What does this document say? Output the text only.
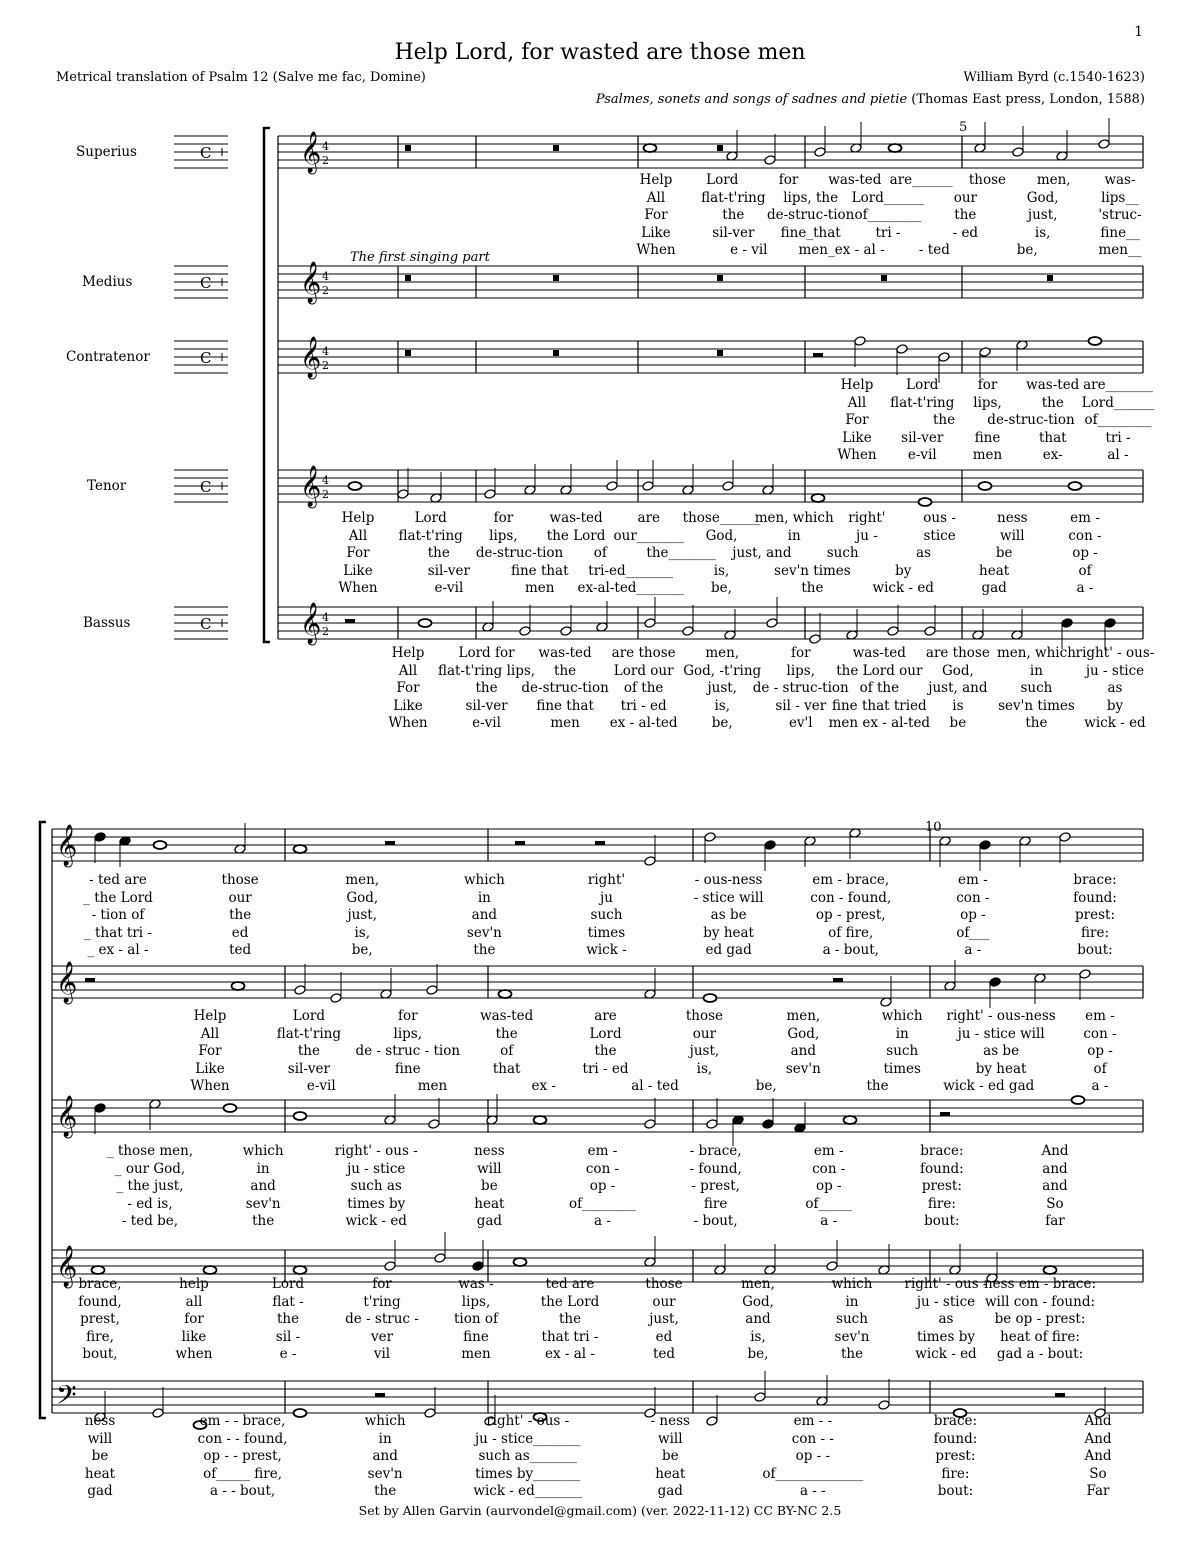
1
Help Lord, for wasted are those men
Metrical translation of Psalm 12 (Salve me fac, Domine)	William Byrd (c.1540-1623)
Psalmes, sonets and songs of sadnes and pietie (Thomas East press, London, 1588)
Superius
Medius
Contratenor
Tenor
Bassus
The first singing part
5
10
C 𝄞 4
2
C 𝄞 4
2
C 𝄞 4
2
C 𝄞 4
2
C 𝄞 4
2
𝄞
𝄞
𝄞
𝄞
𝄢
Help	Lord	for was-ted are______ those men,	was-
All	flat-t'ring lips, the Lord______ our	God,	lips__
For	the de-struc-tion of________ the	just,	'struc-
Like	sil-ver fine_that	tri -	- ed	is,	fine__
When	e - vil men_ex - al -	- ted	be,	men__
Help Lord	for was-ted are_______
All flat-t'ring lips,	the Lord______
For	the de-struc-tion of________
Like sil-ver fine	that	tri -
When e-vil	men	ex-	al -
Help	Lord	for	was-ted	are those______
men, which right'	ous -	ness	em -
All flat-t'ring lips, the Lord our_______ God,	in	ju -	stice	will	con -
For	the de-struc-tion of	the_______ just, and	such	as	be	op -
Like	sil-ver	fine that tri-ed_______	is,	sev'n times	by	heat	of
When	e-vil	men ex-al-ted_______ be,	the	wick - ed	gad	a -
Help	Lord for was-ted are those men,	for	was-ted are those men, which right' - ous-
All flat-t'ring lips, the	Lord our God, -t'ring lips, the Lord our God,	in	ju - stice
For	the de-struc-tion of the	just, de - struc-tion of the just, and such	as
Like	sil-ver fine that tri - ed	is,	sil - ver fine that tried is	sev'n times by
When	e-vil	men ex - al-ted	be,	ev'l men ex - al-ted be	the	wick - ed
- ted are	those	men,	which	right'	- ous-ness	em - brace,	em -	brace:
_ the Lord	our	God,	in	ju	- stice will	con - found,	con -	found:
- tion of	the	just,	and	such	as be	op - prest,	op -	prest:
_ that tri -	ed	is,	sev'n	times	by heat	of fire,	of___	fire:
_ ex - al -	ted	be,	the	wick -	ed gad	a - bout,	a -	bout:
Help	Lord	for	was-ted	are	those	men,	which right' - ous-ness em -
All	flat-t'ring	lips,	the	Lord	our	God,	in	ju - stice will	con -
For	the	de - struc - tion	of	the	just,	and	such	as be	op -
Like	sil-ver	fine	that	tri - ed	is,	sev'n	times	by heat	of
When	e-vil	men	ex -	al - ted	be,	the	wick - ed gad	a -
_ those men,	which	right' - ous -	ness	em -	- brace,	em -	brace:	And
_ our God,	in	ju - stice	will	con -	- found,	con -	found:	and
_ the just,	and	such as	be	op -	- prest,	op -	prest:	and
- ed is,	sev'n	times by	heat	of________	fire	of_____	fire:	So
- ted be,	the	wick - ed	gad	a -	- bout,	a -	bout:	far
brace,	help	Lord	for	was -	ted are	those	men,	which right' - ous -
ness em - brace:
found,	all	flat -	t'ring	lips,	the Lord	our	God,	in	ju - stice will con - found:
prest,	for	the	de - struc -	tion of	the	just,	and	such	as	be op - prest:
fire,	like	sil -	ver	fine	that tri -	ed	is,	sev'n	times by heat of fire:
bout,	when	e -	vil	men	ex - al -	ted	be,	the	wick - ed gad a - bout:
ness	em - - brace,	which	right' - ous -	- ness	em - -	brace:	And
will	con - - found,	in	ju - stice_______	will	con - -	found:	And
be	op - - prest,	and	such as_______	be	op - -	prest:	And
heat	of_____ fire,	sev'n	times by_______	heat	of_____________	fire:	So
gad	a - - bout,	the	wick - ed_______	gad	a - -	bout:	Far
Set by Allen Garvin (aurvondel@gmail.com) (ver. 2022-11-12) CC BY-NC 2.5
